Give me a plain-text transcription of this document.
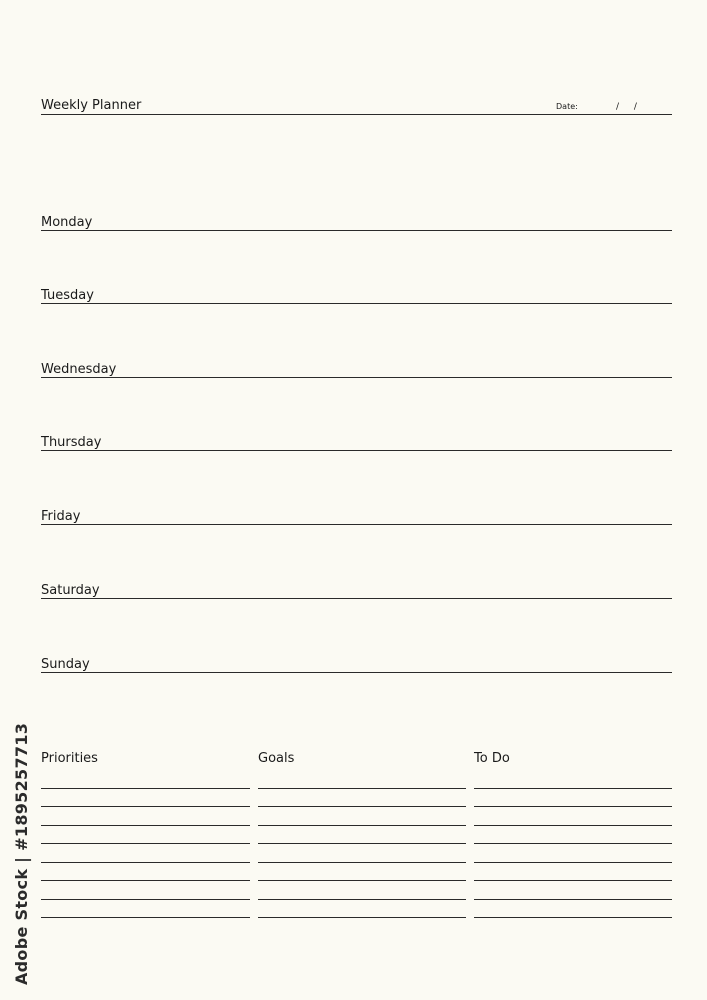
Weekly Planner	Date:	/ /
Monday
Tuesday
Wednesday
Thursday
Friday
Saturday
Sunday
Priorities	Goals	To Do
Adobe Stock | #1895257713
